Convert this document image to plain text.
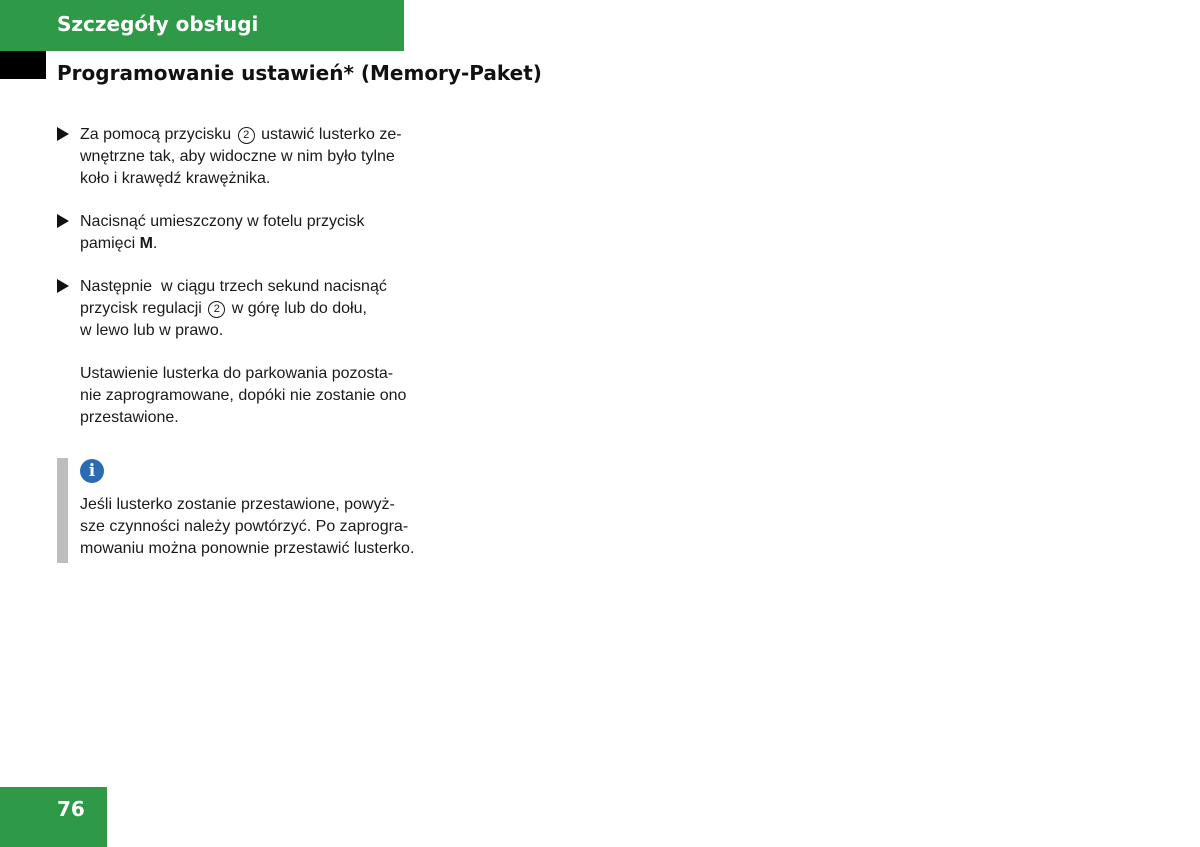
Szczegóły obsługi
Programowanie ustawień* (Memory-Paket)
Za pomocą przycisku 2 ustawić lusterko ze-
wnętrzne tak, aby widoczne w nim było tylne
koło i krawędź krawężnika.
Nacisnąć umieszczony w fotelu przycisk
pamięci M.
Następnie  w ciągu trzech sekund nacisnąć
przycisk regulacji 2 w górę lub do dołu,
w lewo lub w prawo.
Ustawienie lusterka do parkowania pozosta-
nie zaprogramowane, dopóki nie zostanie ono
przestawione.
i
Jeśli lusterko zostanie przestawione, powyż-
sze czynności należy powtórzyć. Po zaprogra-
mowaniu można ponownie przestawić lusterko.
76
